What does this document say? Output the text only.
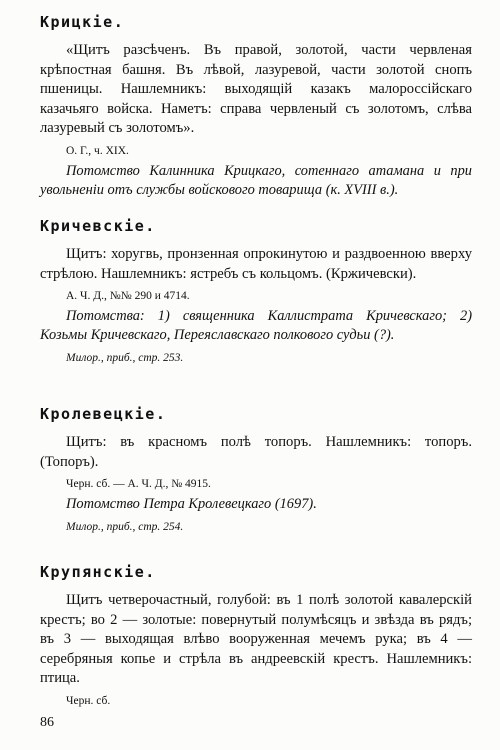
Крицкіе.

«Щитъ разсѣченъ. Въ правой, золотой, части червленая крѣпостная башня. Въ лѣвой, лазуревой, части золотой снопъ пшеницы. Нашлемникъ: выходящій казакъ малороссійскаго казачьяго войска. Наметъ: справа червленый съ золотомъ, слѣва лазуревый съ золотомъ».

О. Г., ч. XIX.

Потомство Калинника Крицкаго, сотеннаго атамана и при увольненіи отъ службы войскового товарища (к. XVIII в.).

Кричевскіе.

Щитъ: хоругвь, пронзенная опрокинутою и раздвоенною вверху стрѣлою. Нашлемникъ: ястребъ съ кольцомъ. (Кржичевски).

А. Ч. Д., №№ 290 и 4714.

Потомства: 1) священника Каллистрата Кричевскаго; 2) Козьмы Кричевскаго, Переяславскаго полкового судьи (?).

Милор., приб., стр. 253.
Кролевецкіе.

Щитъ: въ красномъ полѣ топоръ. Нашлемникъ: топоръ. (Топоръ).

Черн. сб. — А. Ч. Д., № 4915.

Потомство Петра Кролевецкаго (1697).

Милор., приб., стр. 254.
Крупянскіе.

Щитъ четверочастный, голубой: въ 1 полѣ золотой кавалерскій крестъ; во 2 — золотые: повернутый полумѣсяцъ и звѣзда въ рядъ; въ 3 — выходящая влѣво вооруженная мечемъ рука; въ 4 — серебряныя копье и стрѣла въ андреевскій крестъ. Нашлемникъ: птица.

Черн. сб.
86
